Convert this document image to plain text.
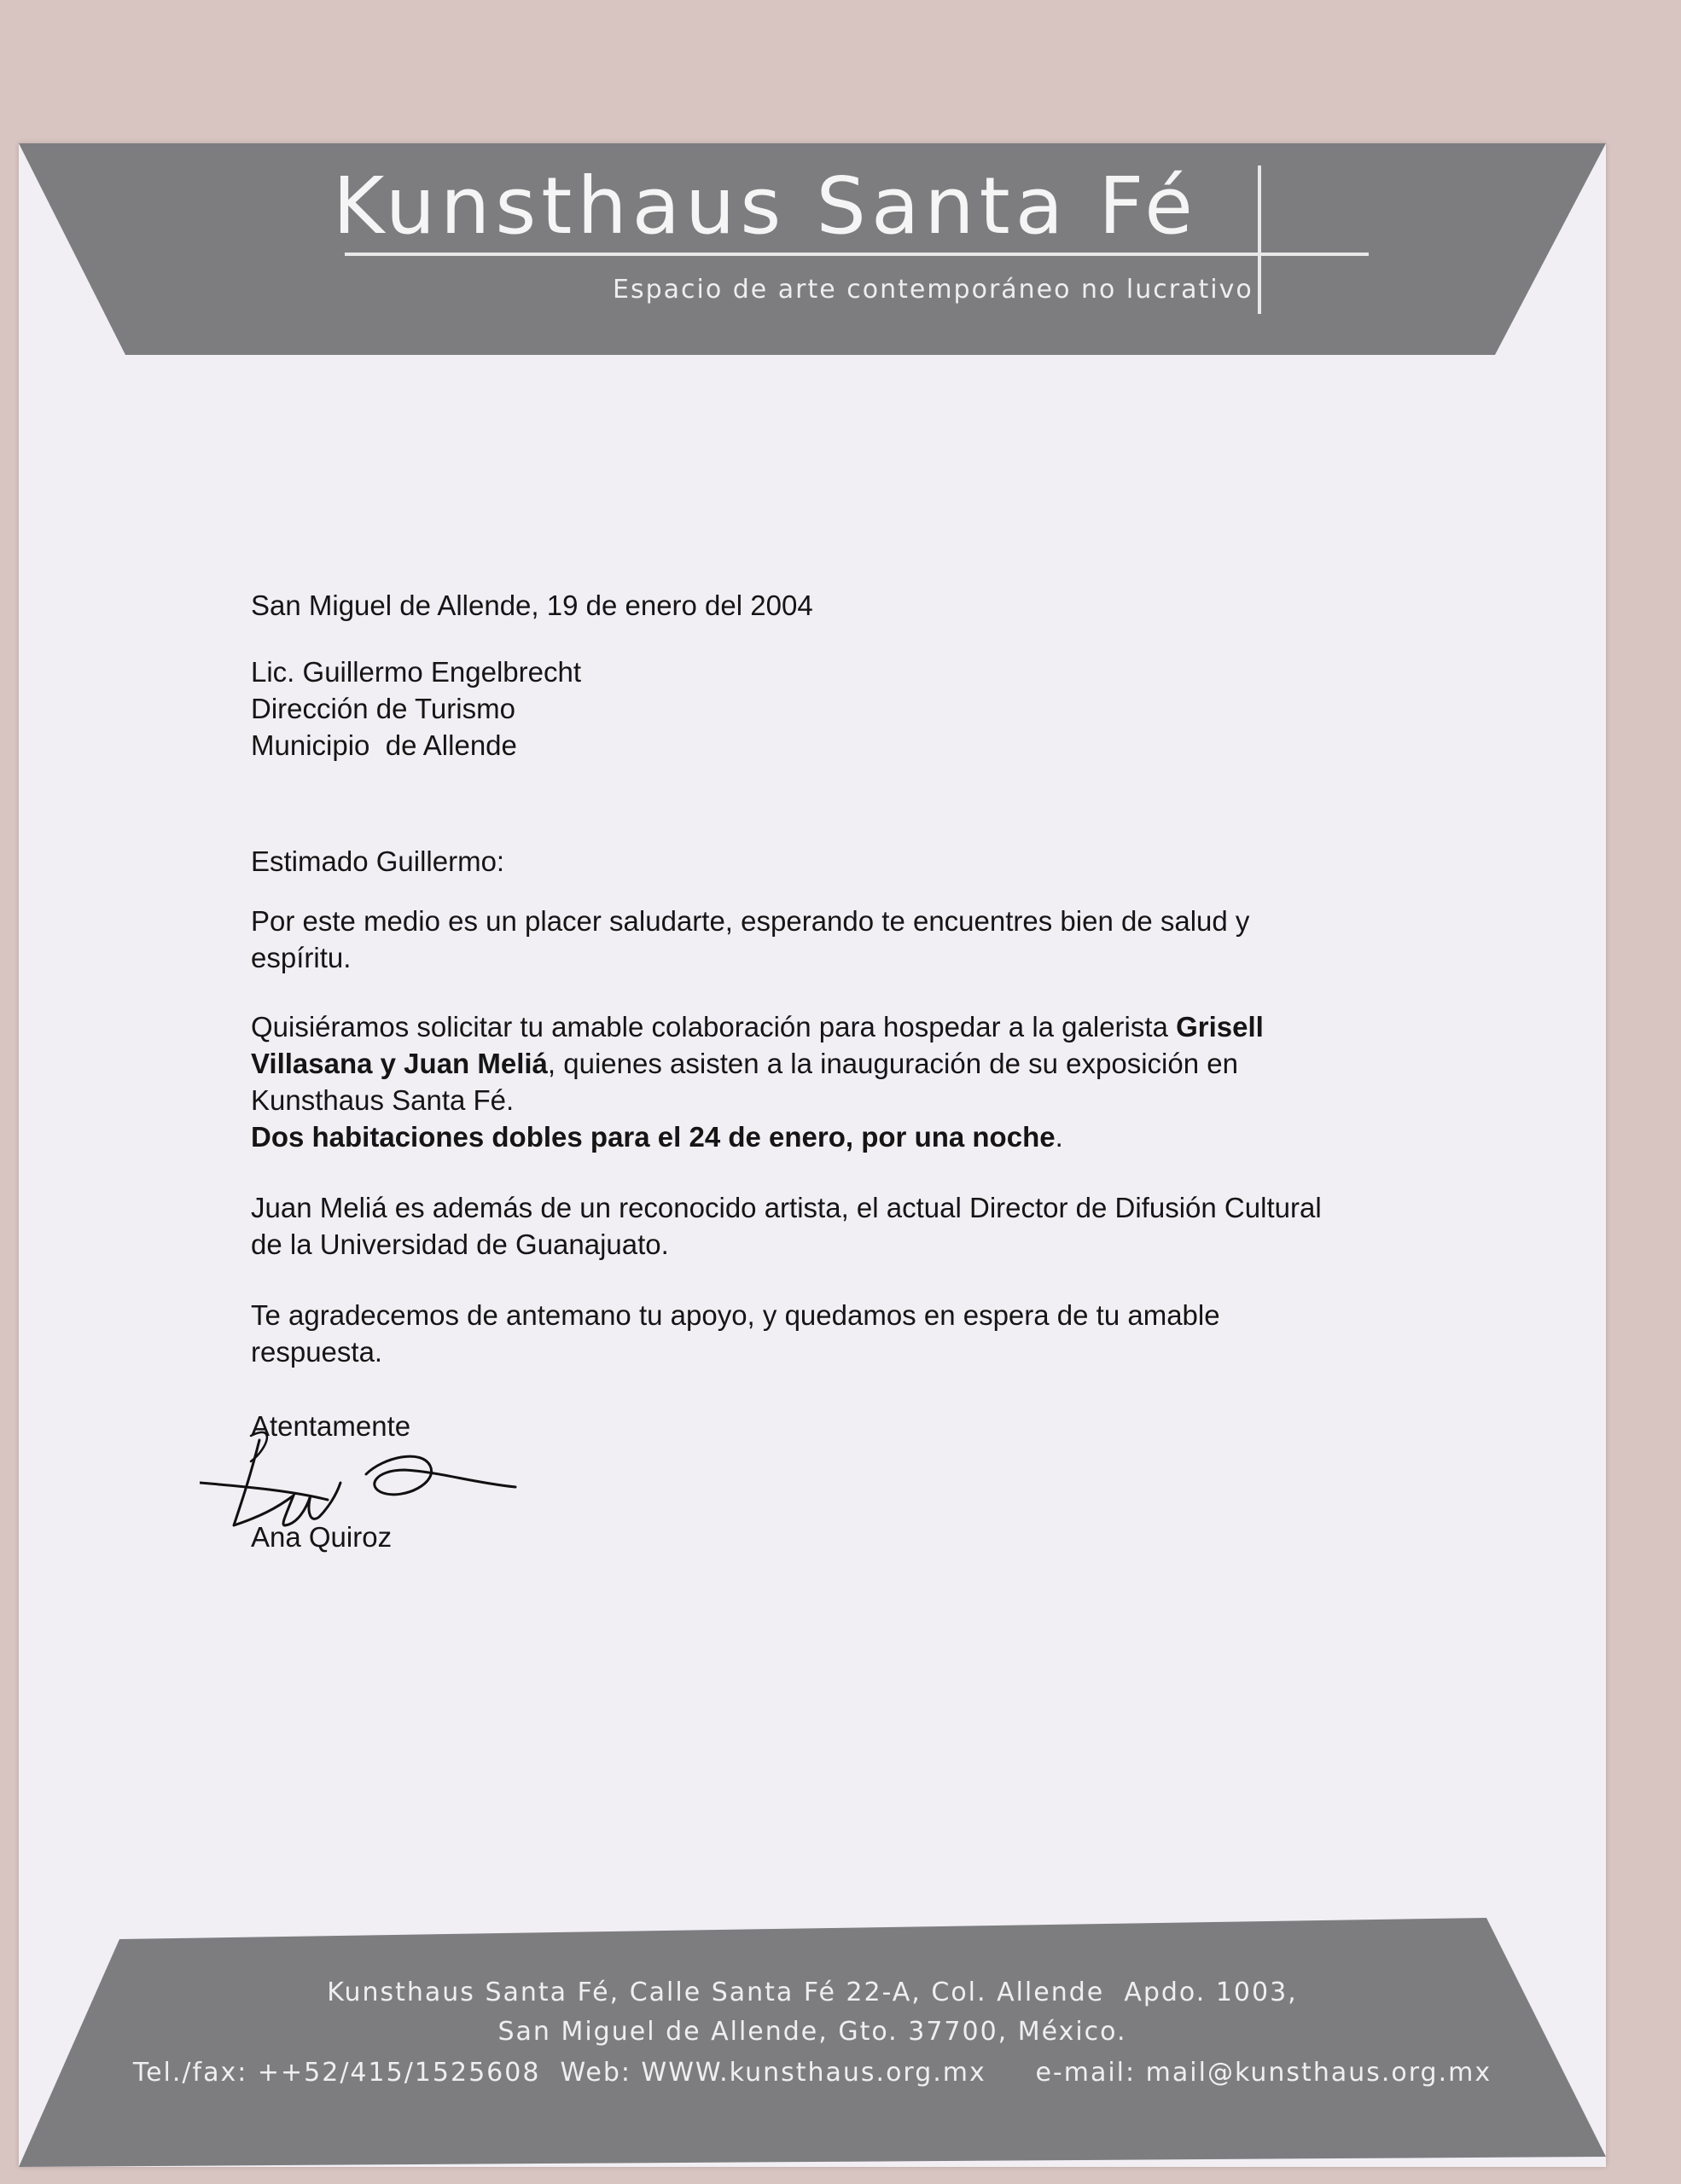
Kunsthaus Santa Fé
Espacio de arte contemporáneo no lucrativo

San Miguel de Allende, 19 de enero del 2004

Lic. Guillermo Engelbrecht

Dirección de Turismo

Municipio  de Allende

Estimado Guillermo:

Por este medio es un placer saludarte, esperando te encuentres bien de salud y espíritu.

Quisiéramos solicitar tu amable colaboración para hospedar a la galerista Grisell Villasana y Juan Meliá, quienes asisten a la inauguración de su exposición en Kunsthaus Santa Fé.
Dos habitaciones dobles para el 24 de enero, por una noche.

Juan Meliá es además de un reconocido artista, el actual Director de Difusión Cultural de la Universidad de Guanajuato.

Te agradecemos de antemano tu apoyo, y quedamos en espera de tu amable respuesta.

Atentamente

Ana Quiroz

Kunsthaus Santa Fé, Calle Santa Fé 22-A, Col. Allende  Apdo. 1003,
San Miguel de Allende, Gto. 37700, México.
Tel./fax: ++52/415/1525608  Web: WWW.kunsthaus.org.mx     e-mail: mail@kunsthaus.org.mx
